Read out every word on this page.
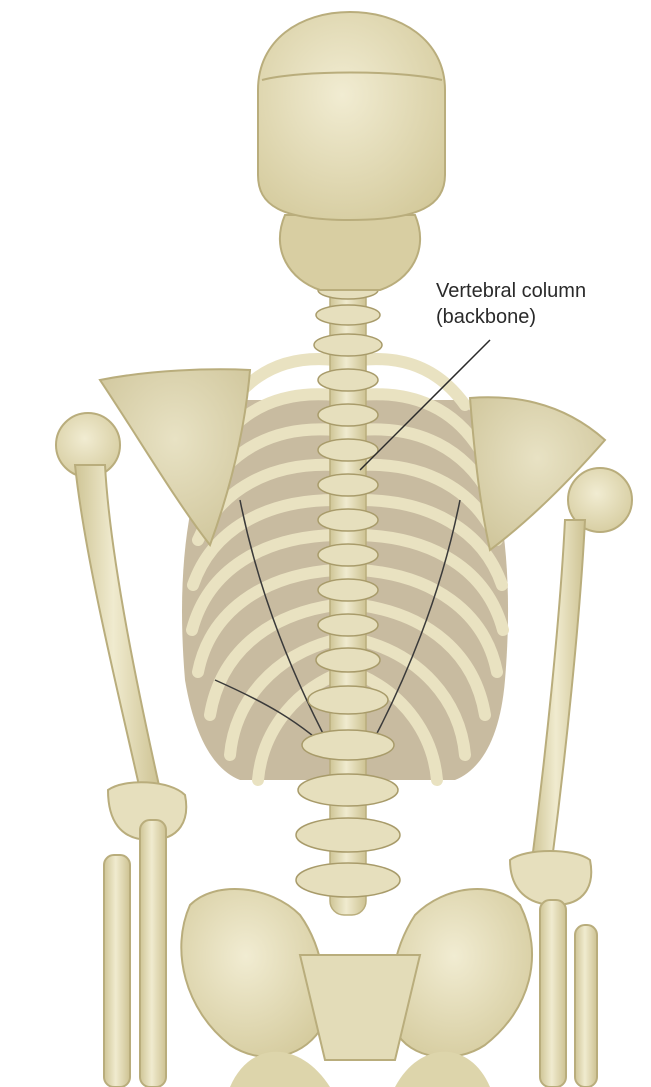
Vertebral column
(backbone)
